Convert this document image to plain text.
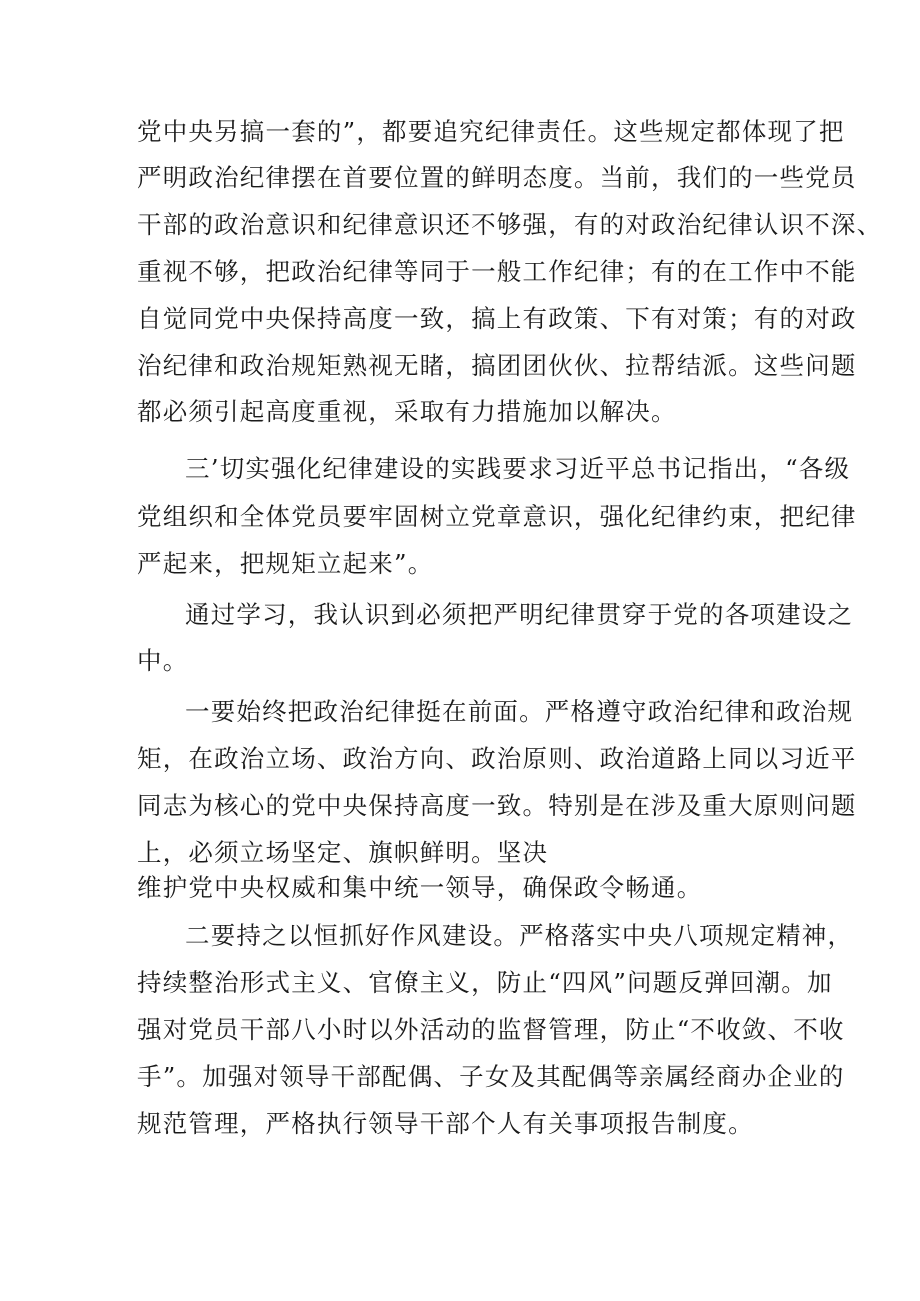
党中央另搞一套的”，都要追究纪律责任。这些规定都体现了把
严明政治纪律摆在首要位置的鲜明态度。当前，我们的一些党员
干部的政治意识和纪律意识还不够强，有的对政治纪律认识不深、
重视不够，把政治纪律等同于一般工作纪律；有的在工作中不能
自觉同党中央保持高度一致，搞上有政策、下有对策；有的对政
治纪律和政治规矩熟视无睹，搞团团伙伙、拉帮结派。这些问题
都必须引起高度重视，采取有力措施加以解决。
三’切实强化纪律建设的实践要求习近平总书记指出，“各级
党组织和全体党员要牢固树立党章意识，强化纪律约束，把纪律
严起来，把规矩立起来”。
通过学习，我认识到必须把严明纪律贯穿于党的各项建设之
中。
一要始终把政治纪律挺在前面。严格遵守政治纪律和政治规
矩，在政治立场、政治方向、政治原则、政治道路上同以习近平
同志为核心的党中央保持高度一致。特别是在涉及重大原则问题
上，必须立场坚定、旗帜鲜明。坚决
维护党中央权威和集中统一领导，确保政令畅通。
二要持之以恒抓好作风建设。严格落实中央八项规定精神，
持续整治形式主义、官僚主义，防止“四风”问题反弹回潮。加
强对党员干部八小时以外活动的监督管理，防止“不收敛、不收
手”。加强对领导干部配偶、子女及其配偶等亲属经商办企业的
规范管理，严格执行领导干部个人有关事项报告制度。
